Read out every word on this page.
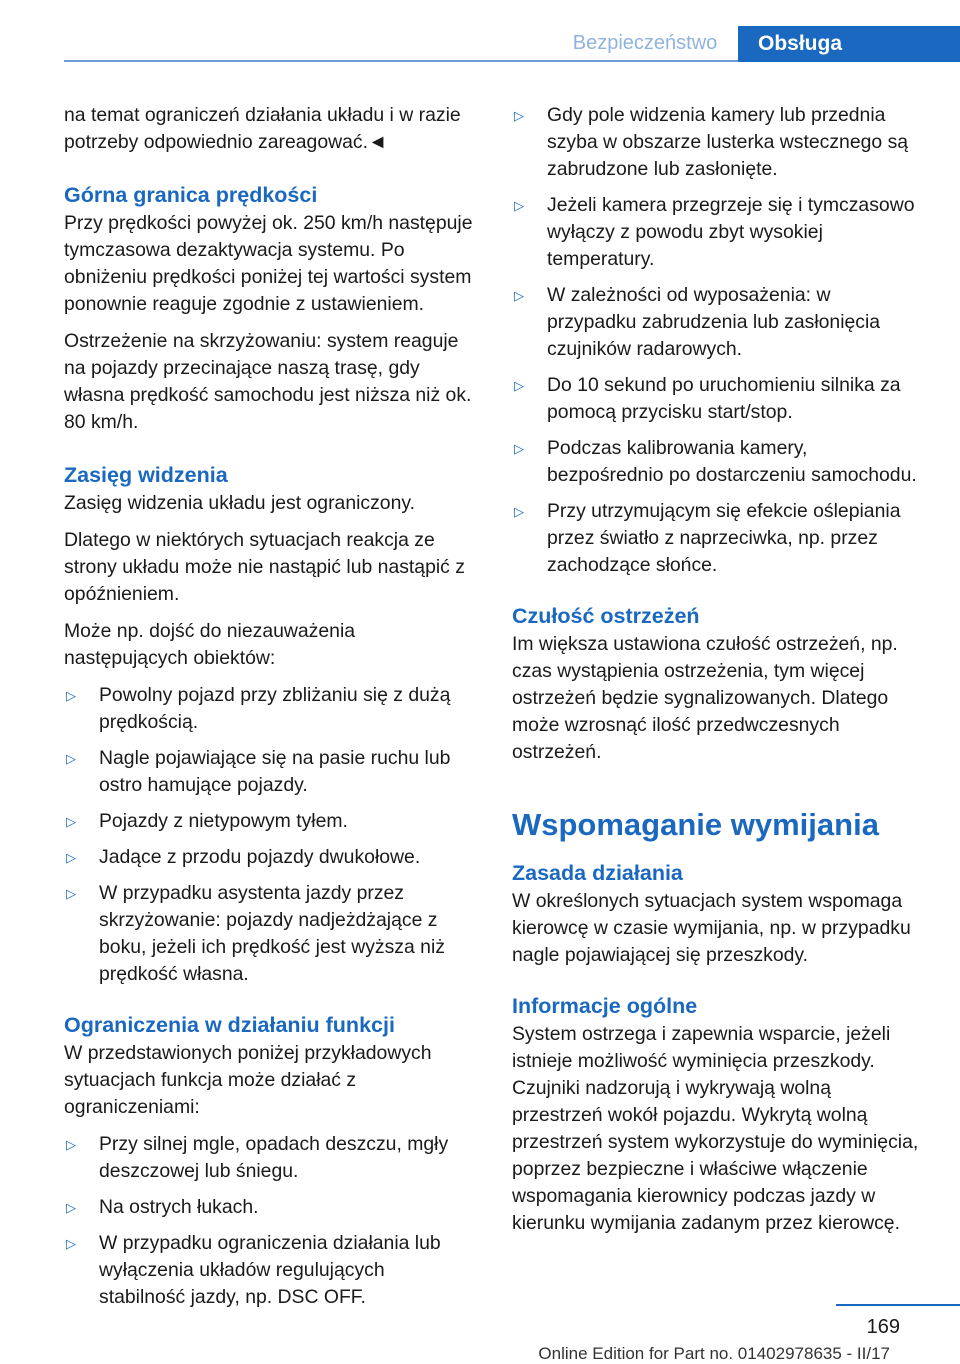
Bezpieczeństwo	Obsługa

na temat ograniczeń działania układu i w razie potrzeby odpowiednio zareagować.◄

Górna granica prędkości

Przy prędkości powyżej ok. 250 km/h następuje tymczasowa dezaktywacja systemu. Po obniżeniu prędkości poniżej tej wartości system ponownie reaguje zgodnie z ustawieniem.

Ostrzeżenie na skrzyżowaniu: system reaguje na pojazdy przecinające naszą trasę, gdy własna prędkość samochodu jest niższa niż ok. 80 km/h.

Zasięg widzenia

Zasięg widzenia układu jest ograniczony.

Dlatego w niektórych sytuacjach reakcja ze strony układu może nie nastąpić lub nastąpić z opóźnieniem.

Może np. dojść do niezauważenia następujących obiektów:

▷ Powolny pojazd przy zbliżaniu się z dużą prędkością.
▷ Nagle pojawiające się na pasie ruchu lub ostro hamujące pojazdy.
▷ Pojazdy z nietypowym tyłem.
▷ Jadące z przodu pojazdy dwukołowe.
▷ W przypadku asystenta jazdy przez skrzyżowanie: pojazdy nadjeżdżające z boku, jeżeli ich prędkość jest wyższa niż prędkość własna.
Ograniczenia w działaniu funkcji

W przedstawionych poniżej przykładowych sytuacjach funkcja może działać z ograniczeniami:

▷ Przy silnej mgle, opadach deszczu, mgły deszczowej lub śniegu.
▷ Na ostrych łukach.
▷ W przypadku ograniczenia działania lub wyłączenia układów regulujących stabilność jazdy, np. DSC OFF.
▷ Gdy pole widzenia kamery lub przednia szyba w obszarze lusterka wstecznego są zabrudzone lub zasłonięte.
▷ Jeżeli kamera przegrzeje się i tymczasowo wyłączy z powodu zbyt wysokiej temperatury.
▷ W zależności od wyposażenia: w przypadku zabrudzenia lub zasłonięcia czujników radarowych.
▷ Do 10 sekund po uruchomieniu silnika za pomocą przycisku start/stop.
▷ Podczas kalibrowania kamery, bezpośrednio po dostarczeniu samochodu.
▷ Przy utrzymującym się efekcie oślepiania przez światło z naprzeciwka, np. przez zachodzące słońce.
Czułość ostrzeżeń

Im większa ustawiona czułość ostrzeżeń, np. czas wystąpienia ostrzeżenia, tym więcej ostrzeżeń będzie sygnalizowanych. Dlatego może wzrosnąć ilość przedwczesnych ostrzeżeń.

Wspomaganie wymijania
Zasada działania

W określonych sytuacjach system wspomaga kierowcę w czasie wymijania, np. w przypadku nagle pojawiającej się przeszkody.

Informacje ogólne

System ostrzega i zapewnia wsparcie, jeżeli istnieje możliwość wyminięcia przeszkody. Czujniki nadzorują i wykrywają wolną przestrzeń wokół pojazdu. Wykrytą wolną przestrzeń system wykorzystuje do wyminięcia, poprzez bezpieczne i właściwe włączenie wspomagania kierownicy podczas jazdy w kierunku wymijania zadanym przez kierowcę.

169
Online Edition for Part no. 01402978635 - II/17
